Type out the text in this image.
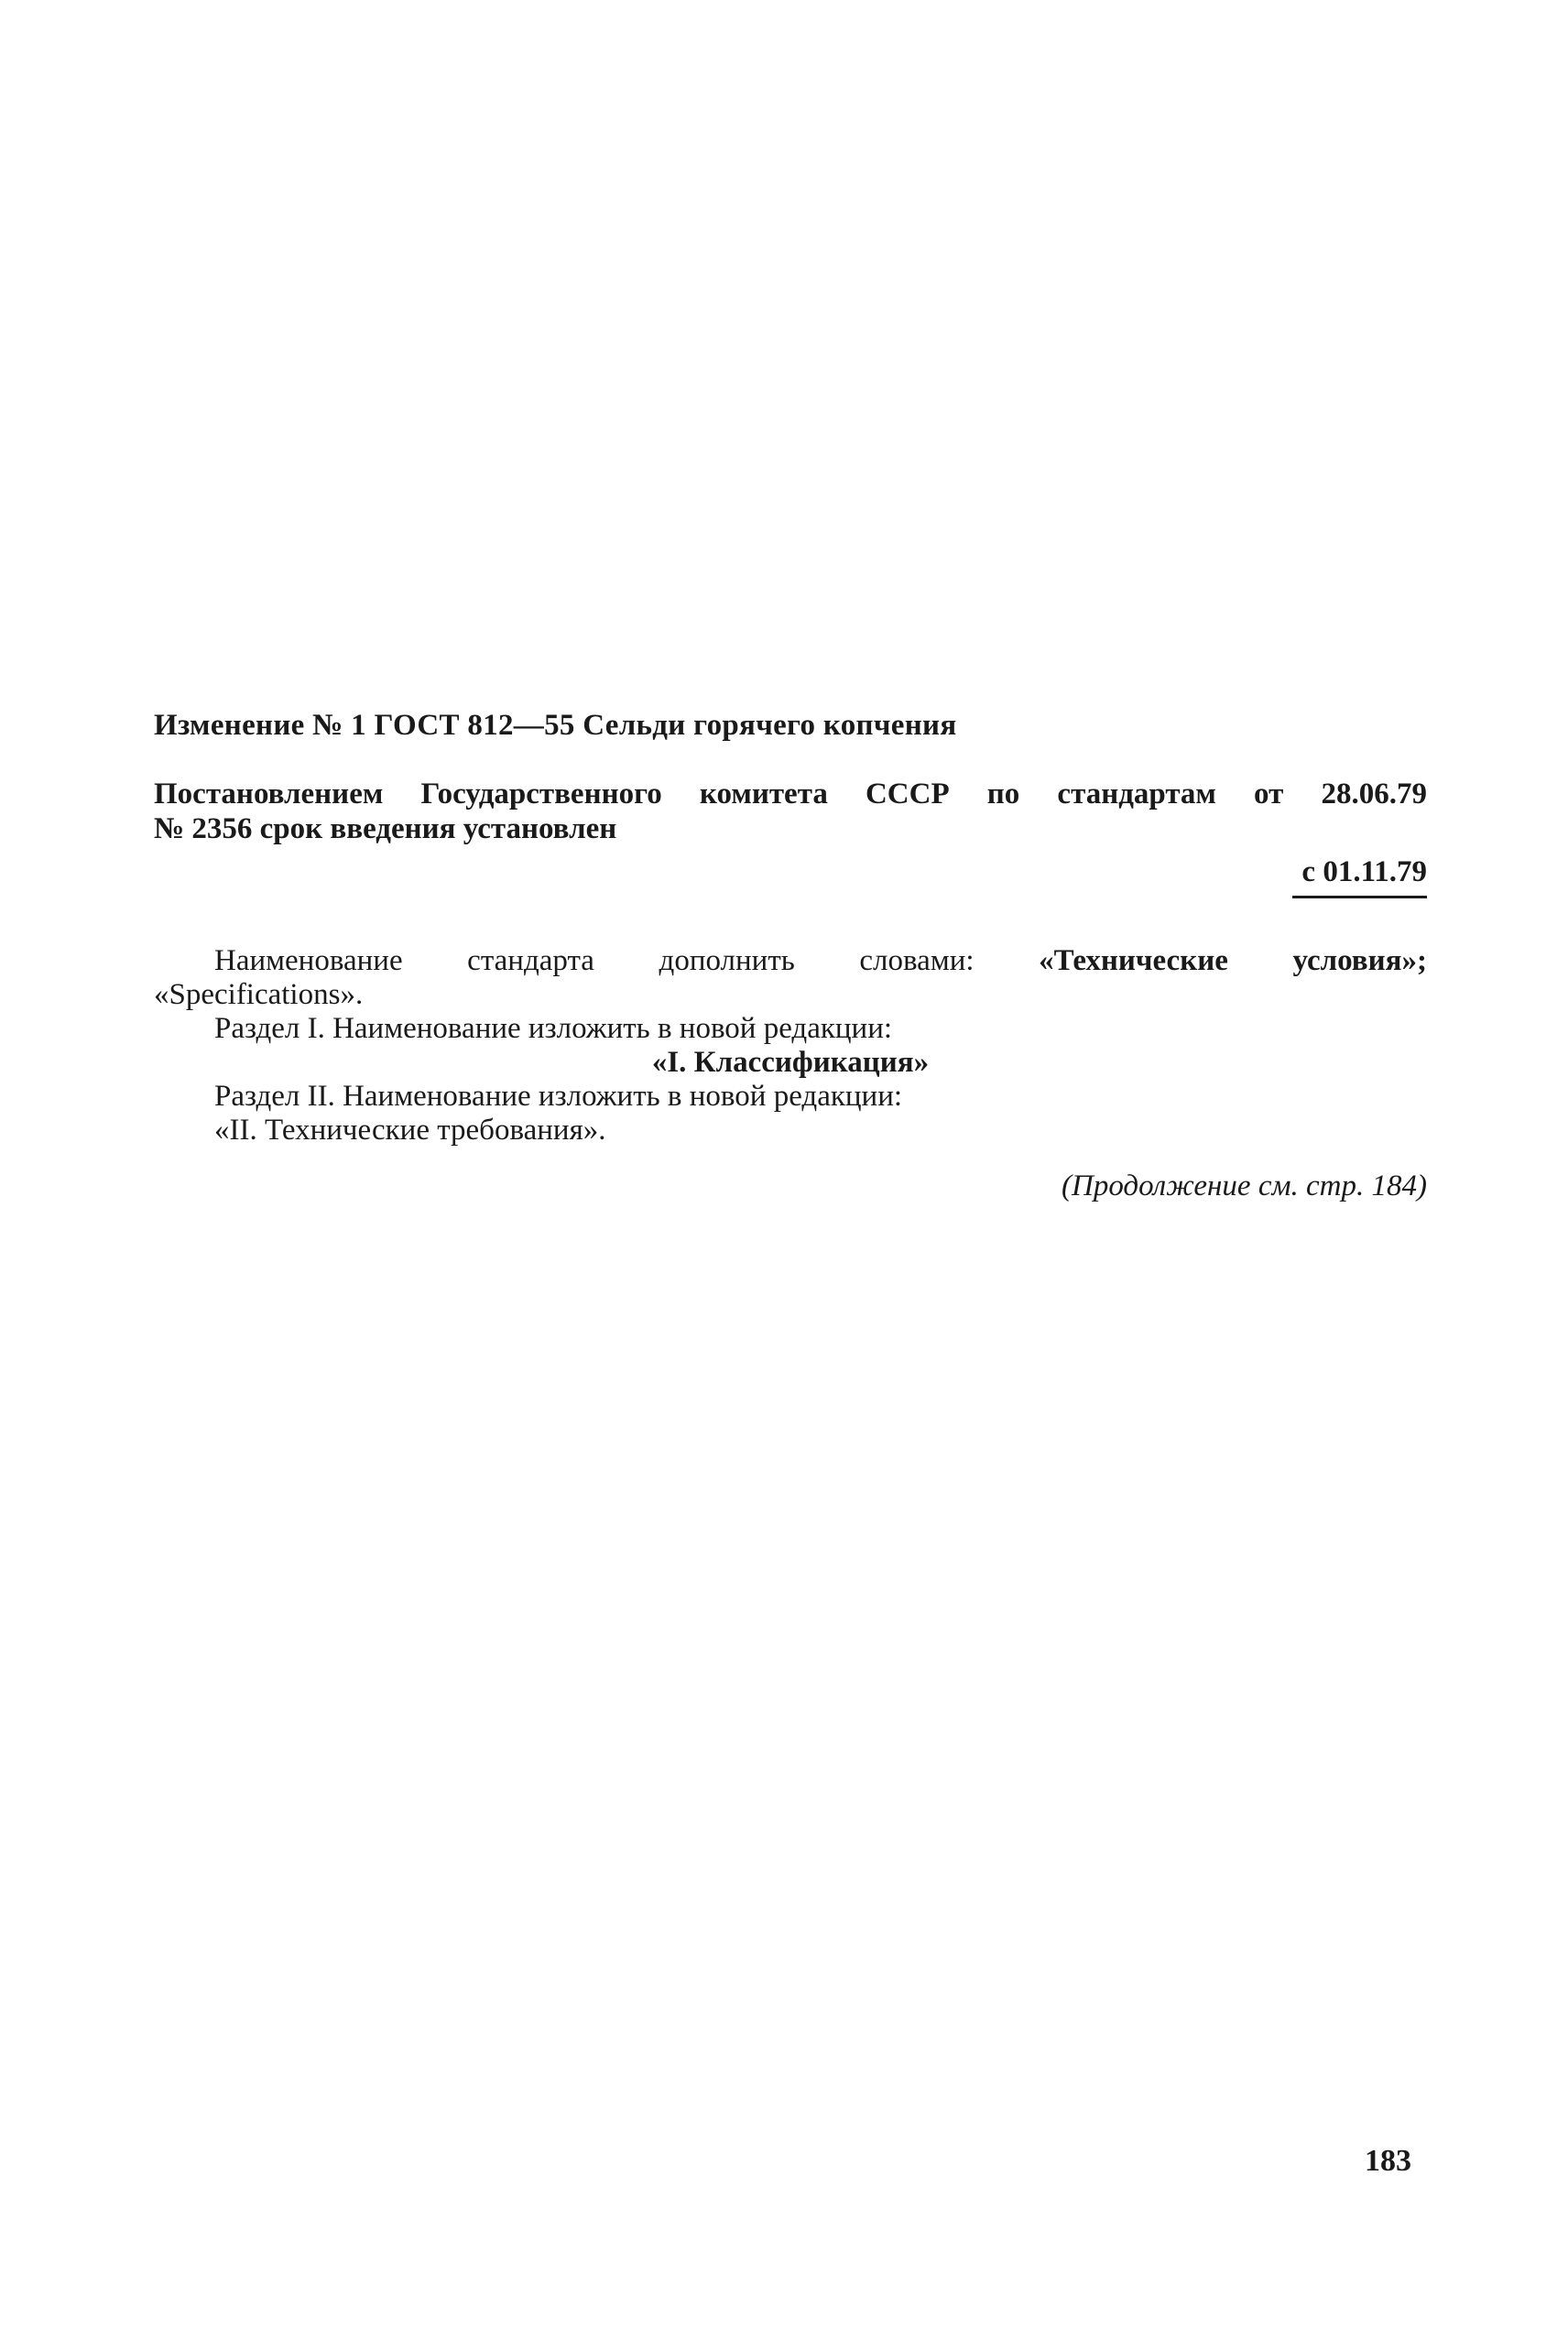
Изменение № 1 ГОСТ 812—55 Сельди горячего копчения

Постановлением Государственного комитета СССР по стандартам от 28.06.79
№ 2356 срок введения установлен
с 01.11.79

Наименование стандарта дополнить словами: «Технические условия»;

«Specifications».

Раздел I. Наименование изложить в новой редакции:

«I. Классификация»

Раздел II. Наименование изложить в новой редакции:

«II. Технические требования».

(Продолжение см. стр. 184)
183
